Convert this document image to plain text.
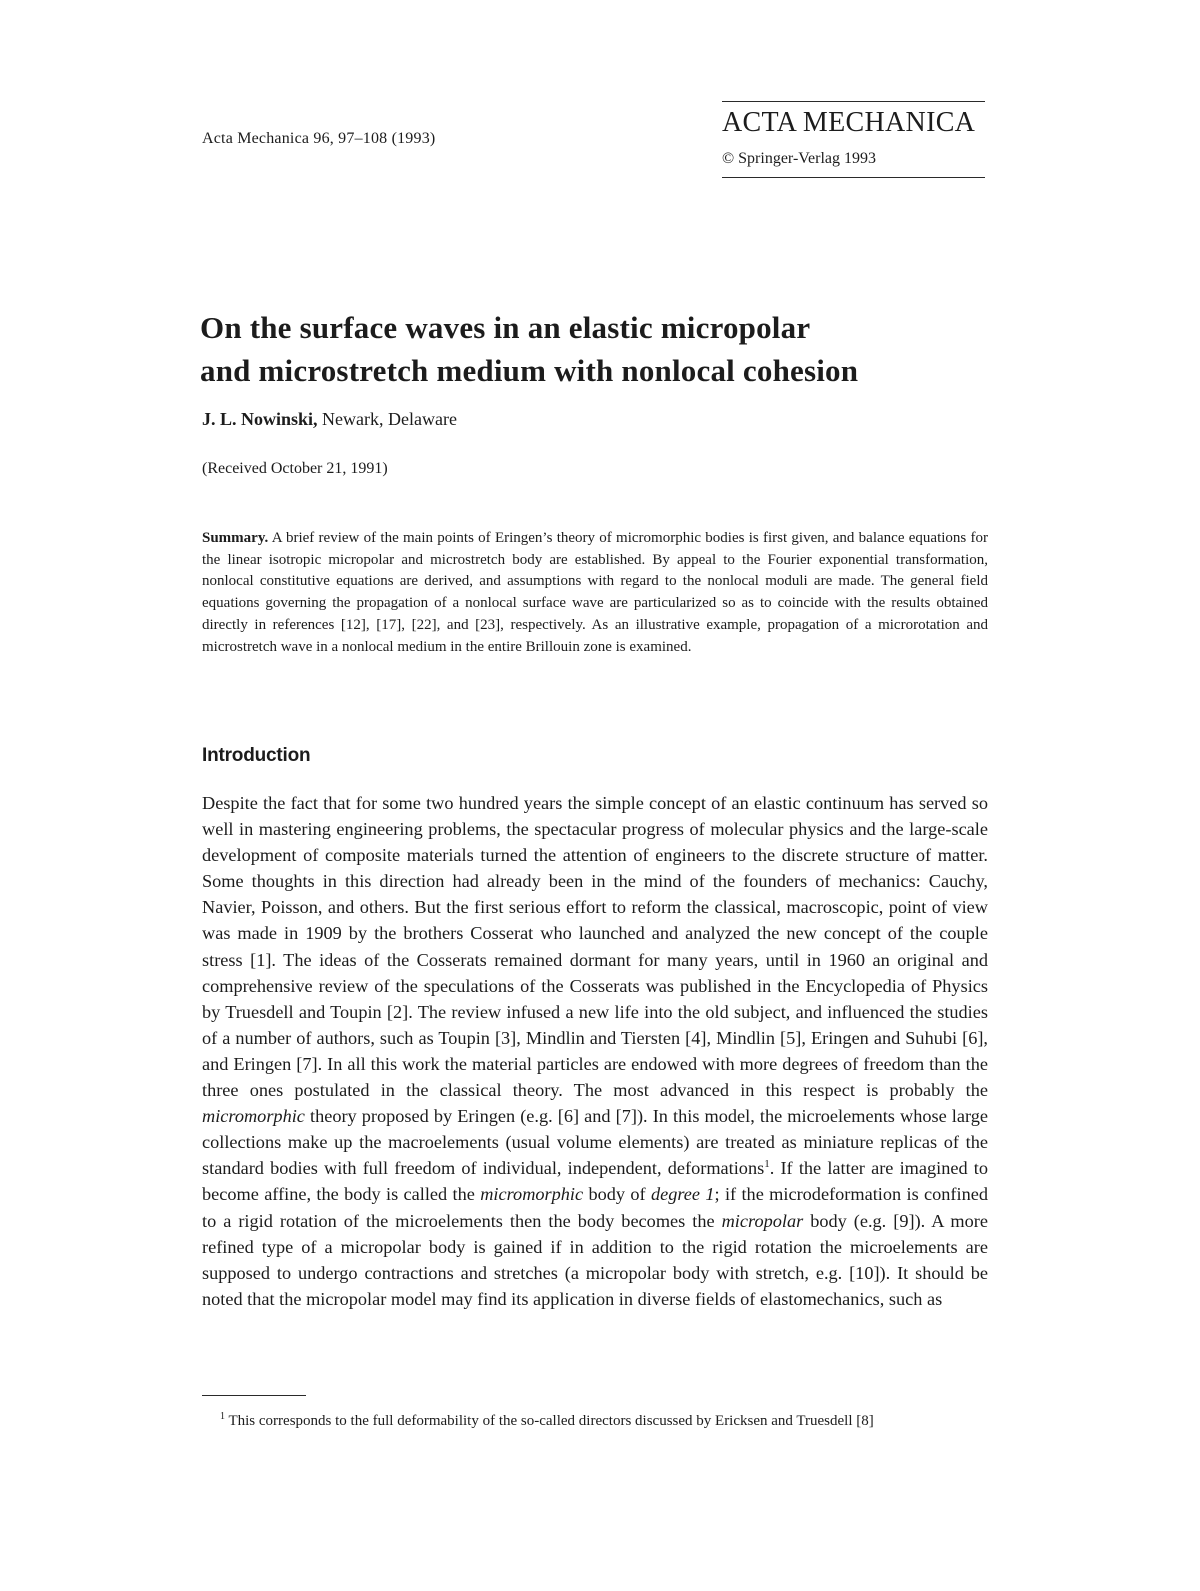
Acta Mechanica 96, 97–108 (1993)
ACTA MECHANICA
© Springer-Verlag 1993
On the surface waves in an elastic micropolar
and microstretch medium with nonlocal cohesion
J. L. Nowinski, Newark, Delaware
(Received October 21, 1991)
Summary. A brief review of the main points of Eringen’s theory of micromorphic bodies is first given, and balance equations for the linear isotropic micropolar and microstretch body are established. By appeal to the Fourier exponential transformation, nonlocal constitutive equations are derived, and assumptions with regard to the nonlocal moduli are made. The general field equations governing the propagation of a nonlocal surface wave are particularized so as to coincide with the results obtained directly in references [12], [17], [22], and [23], respectively. As an illustrative example, propagation of a microrotation and microstretch wave in a nonlocal medium in the entire Brillouin zone is examined.
Introduction
Despite the fact that for some two hundred years the simple concept of an elastic continuum has served so well in mastering engineering problems, the spectacular progress of molecular physics and the large-scale development of composite materials turned the attention of engineers to the discrete structure of matter. Some thoughts in this direction had already been in the mind of the founders of mechanics: Cauchy, Navier, Poisson, and others. But the first serious effort to reform the classical, macroscopic, point of view was made in 1909 by the brothers Cosserat who launched and analyzed the new concept of the couple stress [1]. The ideas of the Cosserats remained dormant for many years, until in 1960 an original and comprehensive review of the speculations of the Cosserats was published in the Encyclopedia of Physics by Truesdell and Toupin [2]. The review infused a new life into the old subject, and influenced the studies of a number of authors, such as Toupin [3], Mindlin and Tiersten [4], Mindlin [5], Eringen and Suhubi [6], and Eringen [7]. In all this work the material particles are endowed with more degrees of freedom than the three ones postulated in the classical theory. The most advanced in this respect is probably the micromorphic theory proposed by Eringen (e.g. [6] and [7]). In this model, the microelements whose large collections make up the macroelements (usual volume elements) are treated as miniature replicas of the standard bodies with full freedom of individual, independent, deformations$^1$. If the latter are imagined to become affine, the body is called the micromorphic body of degree 1; if the microdeformation is confined to a rigid rotation of the microelements then the body becomes the micropolar body (e.g. [9]). A more refined type of a micropolar body is gained if in addition to the rigid rotation the microelements are supposed to undergo contractions and stretches (a micropolar body with stretch, e.g. [10]). It should be noted that the micropolar model may find its application in diverse fields of elastomechanics, such as
$^1$ This corresponds to the full deformability of the so-called directors discussed by Ericksen and Truesdell [8]
